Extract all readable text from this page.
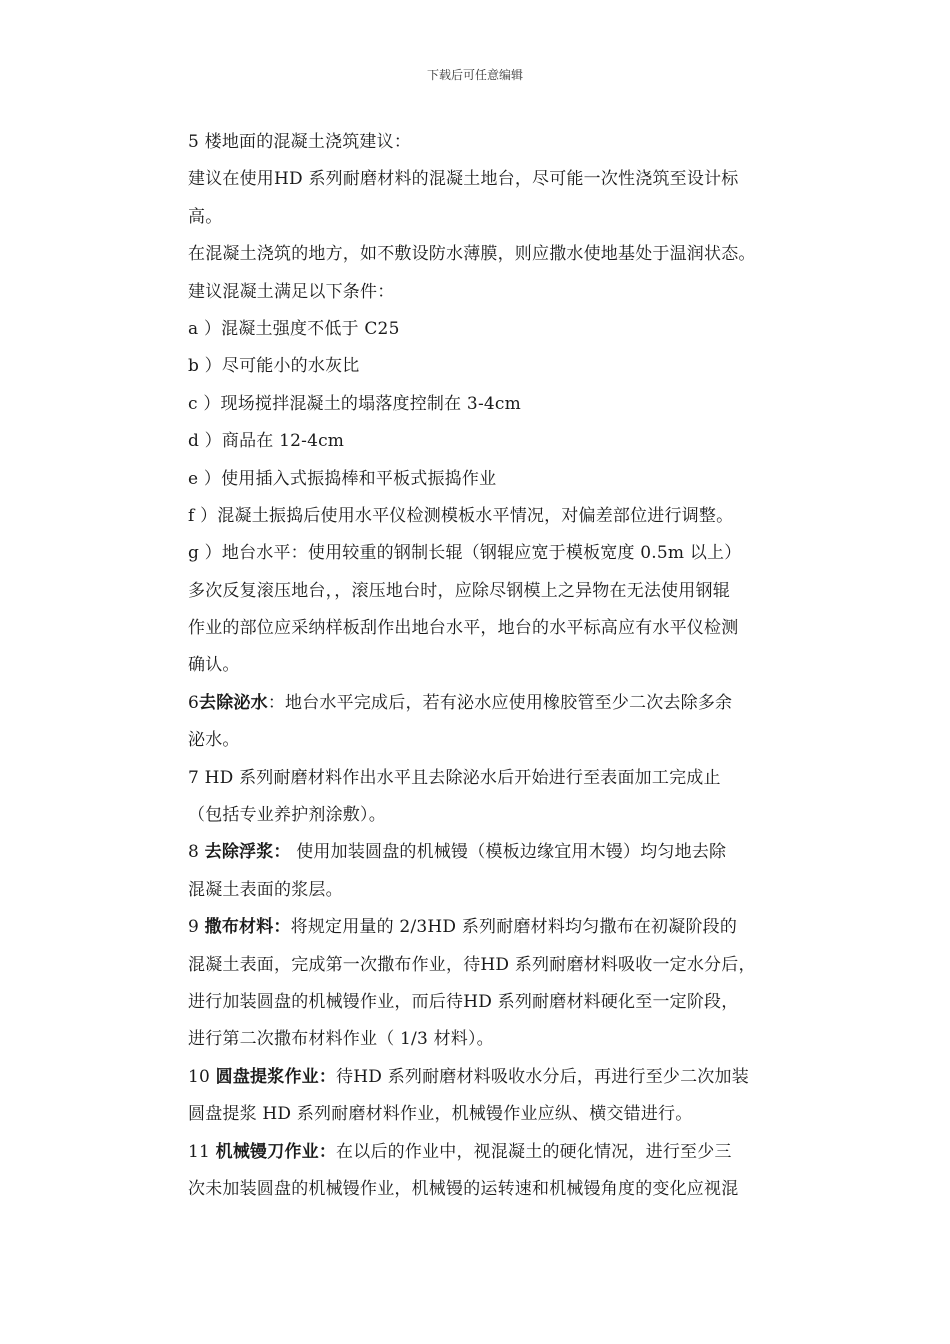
下载后可任意编辑
5 楼地面的混凝土浇筑建议：
建议在使用HD 系列耐磨材料的混凝土地台，尽可能一次性浇筑至设计标
高。
在混凝土浇筑的地方，如不敷设防水薄膜，则应撒水使地基处于温润状态。
建议混凝土满足以下条件：
a ）混凝土强度不低于 C25
b ）尽可能小的水灰比
c ）现场搅拌混凝土的塌落度控制在 3-4cm
d ）商品在 12-4cm
e ）使用插入式振捣棒和平板式振捣作业
f ）混凝土振捣后使用水平仪检测模板水平情况，对偏差部位进行调整。
g ）地台水平：使用较重的钢制长辊（钢辊应宽于模板宽度 0.5m 以上）
多次反复滚压地台，，滚压地台时，应除尽钢模上之异物在无法使用钢辊
作业的部位应采纳样板刮作出地台水平，地台的水平标高应有水平仪检测
确认。
6去除泌水：地台水平完成后，若有泌水应使用橡胶管至少二次去除多余
泌水。
7 HD 系列耐磨材料作出水平且去除泌水后开始进行至表面加工完成止
（包括专业养护剂涂敷）。
8 去除浮浆： 使用加装圆盘的机械镘（模板边缘宜用木镘）均匀地去除
混凝土表面的浆层。
9 撒布材料：将规定用量的 2/3HD 系列耐磨材料均匀撒布在初凝阶段的
混凝土表面，完成第一次撒布作业，待HD 系列耐磨材料吸收一定水分后，
进行加装圆盘的机械镘作业，而后待HD 系列耐磨材料硬化至一定阶段，
进行第二次撒布材料作业（ 1/3 材料）。
10 圆盘提浆作业：待HD 系列耐磨材料吸收水分后，再进行至少二次加装
圆盘提浆 HD 系列耐磨材料作业，机械镘作业应纵、横交错进行。
11 机械镘刀作业：在以后的作业中，视混凝土的硬化情况，进行至少三
次未加装圆盘的机械镘作业，机械镘的运转速和机械镘角度的变化应视混
